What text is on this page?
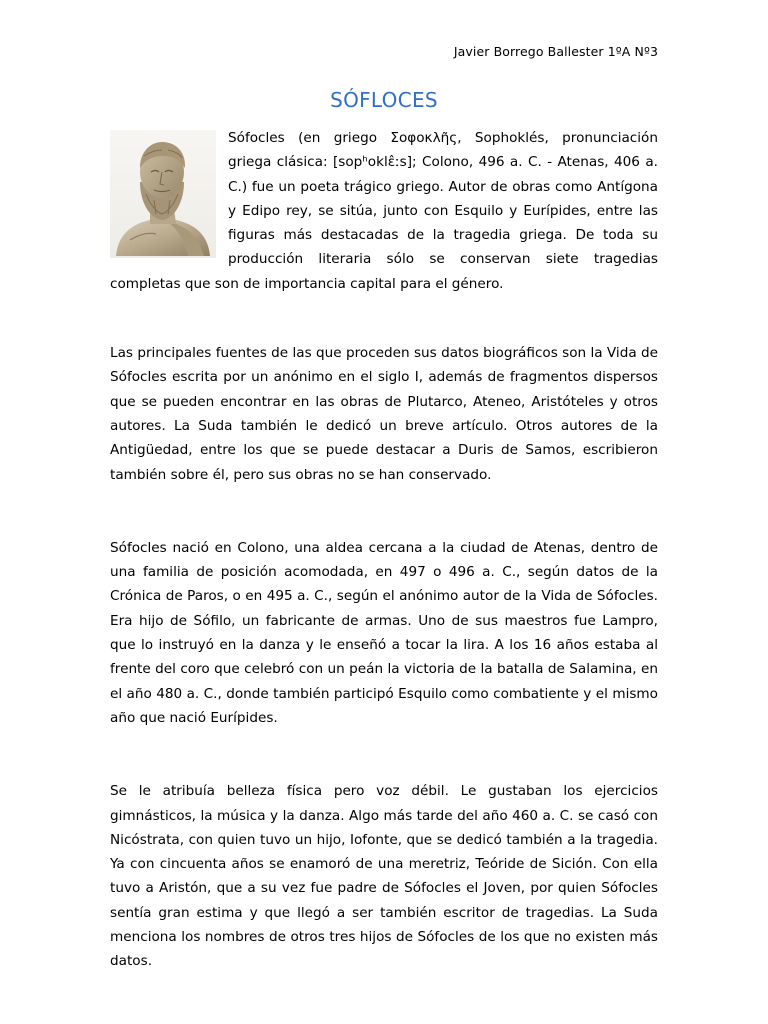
Javier Borrego Ballester 1ºA Nº3
SÓFLOCES

Sófocles (en griego Σοφοκλῆς, Sophoklés, pronunciación griega clásica: [sopʰoklɛ̂ːs]; Colono, 496 a. C. - Atenas, 406 a. C.) fue un poeta trágico griego. Autor de obras como Antígona y Edipo rey, se sitúa, junto con Esquilo y Eurípides, entre las figuras más destacadas de la tragedia griega. De toda su producción literaria sólo se conservan siete tragedias completas que son de importancia capital para el género.

Las principales fuentes de las que proceden sus datos biográficos son la Vida de Sófocles escrita por un anónimo en el siglo I, además de fragmentos dispersos que se pueden encontrar en las obras de Plutarco, Ateneo, Aristóteles y otros autores. La Suda también le dedicó un breve artículo. Otros autores de la Antigüedad, entre los que se puede destacar a Duris de Samos, escribieron también sobre él, pero sus obras no se han conservado.

Sófocles nació en Colono, una aldea cercana a la ciudad de Atenas, dentro de una familia de posición acomodada, en 497 o 496 a. C., según datos de la Crónica de Paros, o en 495 a. C., según el anónimo autor de la Vida de Sófocles. Era hijo de Sófilo, un fabricante de armas. Uno de sus maestros fue Lampro, que lo instruyó en la danza y le enseñó a tocar la lira. A los 16 años estaba al frente del coro que celebró con un peán la victoria de la batalla de Salamina, en el año 480 a. C., donde también participó Esquilo como combatiente y el mismo año que nació Eurípides.

Se le atribuía belleza física pero voz débil. Le gustaban los ejercicios gimnásticos, la música y la danza. Algo más tarde del año 460 a. C. se casó con Nicóstrata, con quien tuvo un hijo, Iofonte, que se dedicó también a la tragedia. Ya con cincuenta años se enamoró de una meretriz, Teóride de Sición. Con ella tuvo a Aristón, que a su vez fue padre de Sófocles el Joven, por quien Sófocles sentía gran estima y que llegó a ser también escritor de tragedias. La Suda menciona los nombres de otros tres hijos de Sófocles de los que no existen más datos.
